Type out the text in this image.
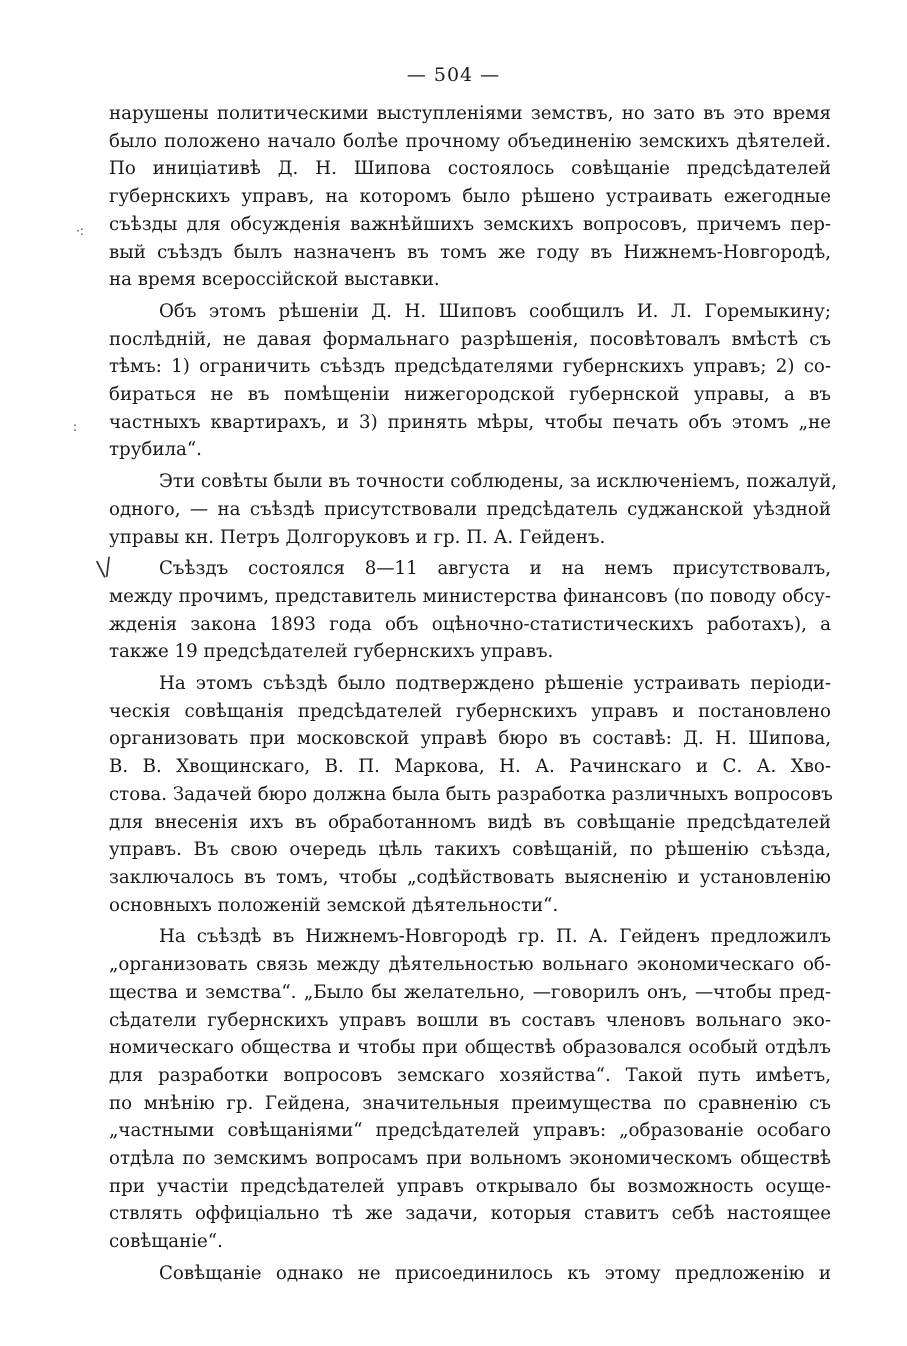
— 504 —
·:
:
\/

нарушены политическими выступленіями земствъ, но зато въ это время
было положено начало болѣе прочному объединенію земскихъ дѣятелей.
По иниціативѣ Д. Н. Шипова состоялось совѣщаніе предсѣдателей
губернскихъ управъ, на которомъ было рѣшено устраивать ежегодные
съѣзды для обсужденія важнѣйшихъ земскихъ вопросовъ, причемъ пер-
вый съѣздъ былъ назначенъ въ томъ же году въ Нижнемъ-Новгородѣ,
на время всероссійской выставки.

Объ этомъ рѣшеніи Д. Н. Шиповъ сообщилъ И. Л. Горемыкину;
послѣдній, не давая формальнаго разрѣшенія, посовѣтовалъ вмѣстѣ съ
тѣмъ: 1) ограничить съѣздъ предсѣдателями губернскихъ управъ; 2) со-
бираться не въ помѣщеніи нижегородской губернской управы, а въ
частныхъ квартирахъ, и 3) принять мѣры, чтобы печать объ этомъ „не
трубила“.

Эти совѣты были въ точности соблюдены, за исключеніемъ, пожалуй,
одного, — на съѣздѣ присутствовали предсѣдатель суджанской уѣздной
управы кн. Петръ Долгоруковъ и гр. П. А. Гейденъ.

Съѣздъ состоялся 8—11 августа и на немъ присутствовалъ,
между прочимъ, представитель министерства финансовъ (по поводу обсу-
жденія закона 1893 года объ оцѣночно-статистическихъ работахъ), а
также 19 предсѣдателей губернскихъ управъ.

На этомъ съѣздѣ было подтверждено рѣшеніе устраивать періоди-
ческія совѣщанія предсѣдателей губернскихъ управъ и постановлено
организовать при московской управѣ бюро въ составѣ: Д. Н. Шипова,
В. В. Хвощинскаго, В. П. Маркова, Н. А. Рачинскаго и С. А. Хво-
стова. Задачей бюро должна была быть разработка различныхъ вопросовъ
для внесенія ихъ въ обработанномъ видѣ въ совѣщаніе предсѣдателей
управъ. Въ свою очередь цѣль такихъ совѣщаній, по рѣшенію съѣзда,
заключалось въ томъ, чтобы „содѣйствовать выясненію и установленію
основныхъ положеній земской дѣятельности“.

На съѣздѣ въ Нижнемъ-Новгородѣ гр. П. А. Гейденъ предложилъ
„организовать связь между дѣятельностью вольнаго экономическаго об-
щества и земства“. „Было бы желательно, —говорилъ онъ, —чтобы пред-
сѣдатели губернскихъ управъ вошли въ составъ членовъ вольнаго эко-
номическаго общества и чтобы при обществѣ образовался особый отдѣлъ
для разработки вопросовъ земскаго хозяйства“. Такой путь имѣетъ,
по мнѣнію гр. Гейдена, значительныя преимущества по сравненію съ
„частными совѣщаніями“ предсѣдателей управъ: „образованіе особаго
отдѣла по земскимъ вопросамъ при вольномъ экономическомъ обществѣ
при участіи предсѣдателей управъ открывало бы возможность осуще-
ствлять оффиціально тѣ же задачи, которыя ставитъ себѣ настоящее
совѣщаніе“.

Совѣщаніе однако не присоединилось къ этому предложенію и
